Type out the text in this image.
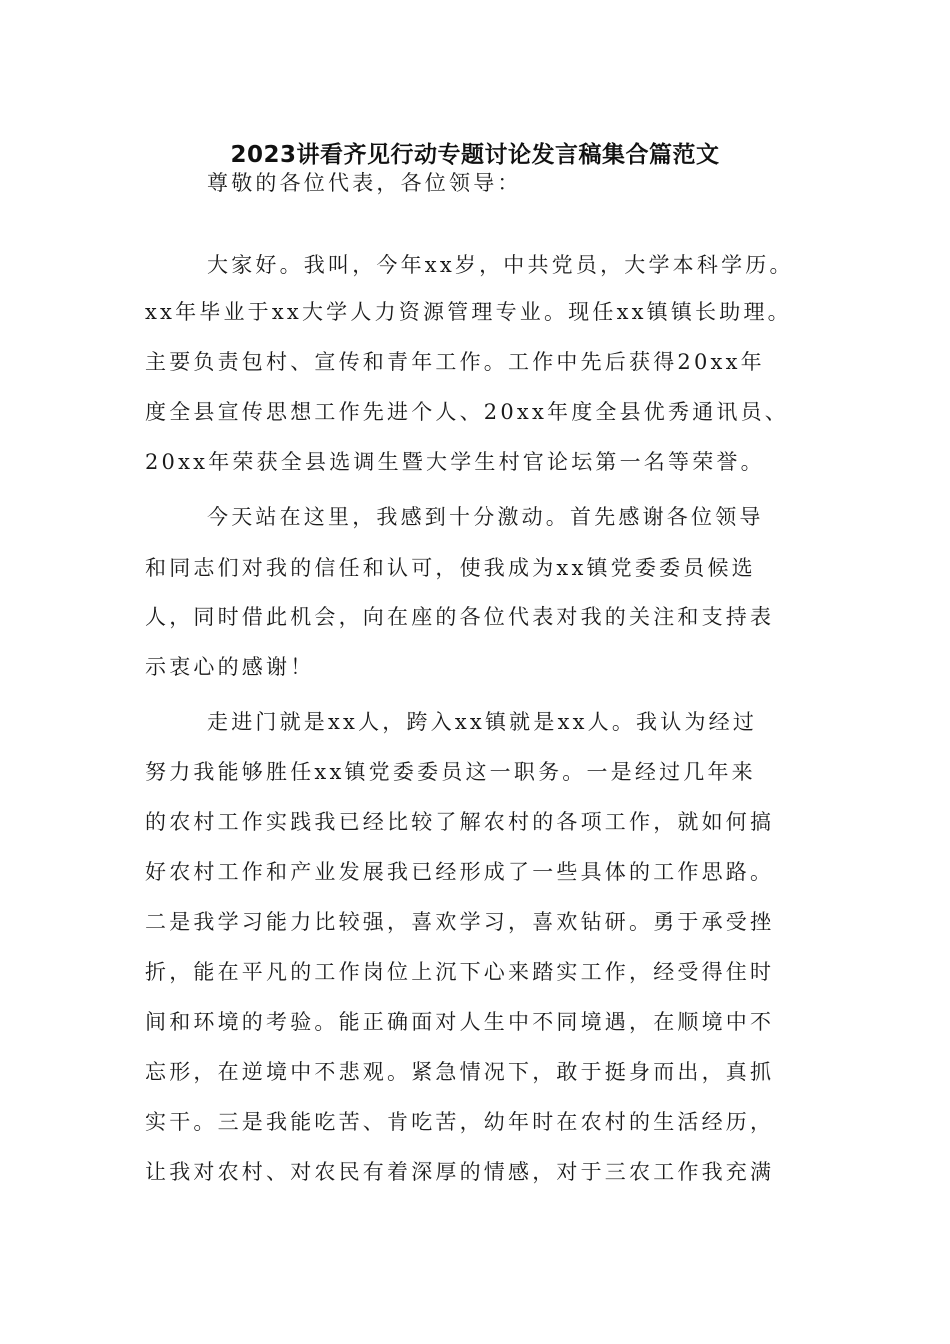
2023讲看齐见行动专题讨论发言稿集合篇范文
尊敬的各位代表，各位领导：
大家好。我叫，今年xx岁，中共党员，大学本科学历。
xx年毕业于xx大学人力资源管理专业。现任xx镇镇长助理。
主要负责包村、宣传和青年工作。工作中先后获得20xx年
度全县宣传思想工作先进个人、20xx年度全县优秀通讯员、
20xx年荣获全县选调生暨大学生村官论坛第一名等荣誉。
今天站在这里，我感到十分激动。首先感谢各位领导
和同志们对我的信任和认可，使我成为xx镇党委委员候选
人，同时借此机会，向在座的各位代表对我的关注和支持表
示衷心的感谢！
走进门就是xx人，跨入xx镇就是xx人。我认为经过
努力我能够胜任xx镇党委委员这一职务。一是经过几年来
的农村工作实践我已经比较了解农村的各项工作，就如何搞
好农村工作和产业发展我已经形成了一些具体的工作思路。
二是我学习能力比较强，喜欢学习，喜欢钻研。勇于承受挫
折，能在平凡的工作岗位上沉下心来踏实工作，经受得住时
间和环境的考验。能正确面对人生中不同境遇，在顺境中不
忘形，在逆境中不悲观。紧急情况下，敢于挺身而出，真抓
实干。三是我能吃苦、肯吃苦，幼年时在农村的生活经历，
让我对农村、对农民有着深厚的情感，对于三农工作我充满
